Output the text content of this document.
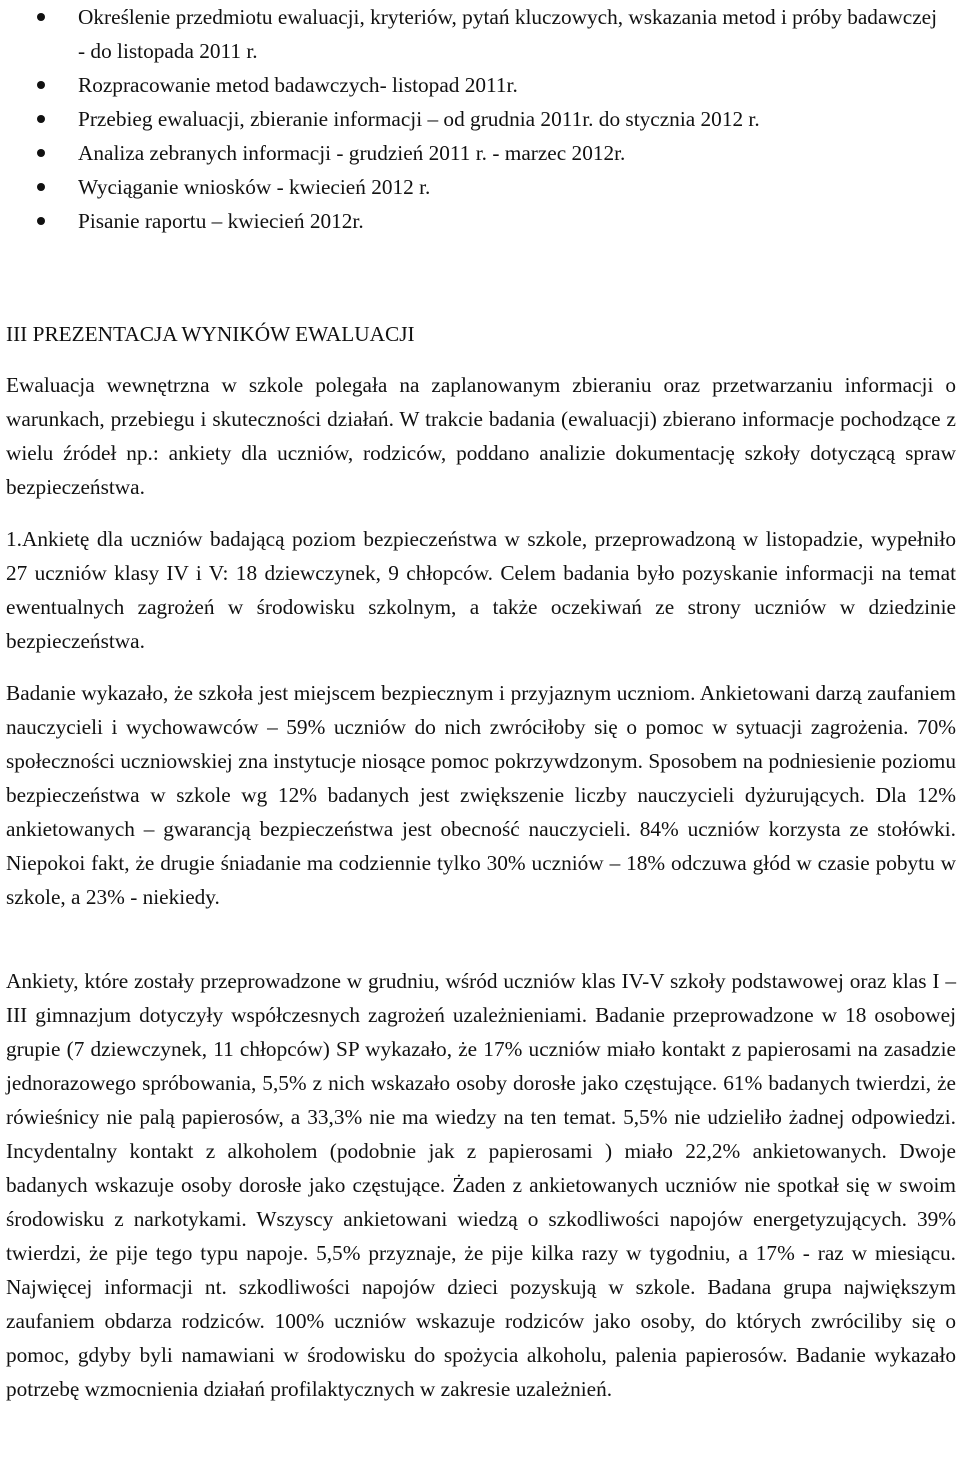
Określenie przedmiotu ewaluacji, kryteriów, pytań kluczowych, wskazania metod i próby badawczej - do listopada 2011 r.
Rozpracowanie metod badawczych- listopad 2011r.
Przebieg ewaluacji, zbieranie informacji – od grudnia 2011r. do stycznia 2012 r.
Analiza zebranych informacji - grudzień 2011 r. - marzec 2012r.
Wyciąganie wniosków - kwiecień 2012 r.
Pisanie raportu – kwiecień 2012r.
III PREZENTACJA WYNIKÓW EWALUACJI

Ewaluacja wewnętrzna w szkole polegała na zaplanowanym zbieraniu oraz przetwarzaniu informacji o warunkach, przebiegu i skuteczności działań. W trakcie badania (ewaluacji) zbierano informacje pochodzące z wielu źródeł np.: ankiety dla uczniów, rodziców, poddano analizie dokumentację szkoły dotyczącą spraw bezpieczeństwa.

1.Ankietę dla uczniów badającą poziom bezpieczeństwa w szkole, przeprowadzoną w listopadzie, wypełniło 27 uczniów klasy IV i V: 18 dziewczynek, 9 chłopców. Celem badania było pozyskanie informacji na temat ewentualnych zagrożeń w środowisku szkolnym, a także oczekiwań ze strony uczniów w dziedzinie bezpieczeństwa.

Badanie wykazało, że szkoła jest miejscem bezpiecznym i przyjaznym uczniom. Ankietowani darzą zaufaniem nauczycieli i wychowawców – 59% uczniów do nich zwróciłoby się o pomoc w sytuacji zagrożenia. 70% społeczności uczniowskiej zna instytucje niosące pomoc pokrzywdzonym. Sposobem na podniesienie poziomu bezpieczeństwa w szkole wg 12% badanych jest zwiększenie liczby nauczycieli dyżurujących. Dla 12% ankietowanych – gwarancją bezpieczeństwa jest obecność nauczycieli. 84% uczniów korzysta ze stołówki. Niepokoi fakt, że drugie śniadanie ma codziennie tylko 30% uczniów – 18% odczuwa głód w czasie pobytu w szkole, a 23% - niekiedy.

Ankiety, które zostały przeprowadzone w grudniu, wśród uczniów klas IV-V szkoły podstawowej oraz klas I – III gimnazjum dotyczyły współczesnych zagrożeń uzależnieniami. Badanie przeprowadzone w 18 osobowej grupie (7 dziewczynek, 11 chłopców) SP wykazało, że 17% uczniów miało kontakt z papierosami na zasadzie jednorazowego spróbowania, 5,5% z nich wskazało osoby dorosłe jako częstujące. 61% badanych twierdzi, że rówieśnicy nie palą papierosów, a 33,3% nie ma wiedzy na ten temat. 5,5% nie udzieliło żadnej odpowiedzi. Incydentalny kontakt z alkoholem (podobnie jak z papierosami ) miało 22,2% ankietowanych. Dwoje badanych wskazuje osoby dorosłe jako częstujące. Żaden z ankietowanych uczniów nie spotkał się w swoim środowisku z narkotykami. Wszyscy ankietowani wiedzą o szkodliwości napojów energetyzujących. 39% twierdzi, że pije tego typu napoje. 5,5% przyznaje, że pije kilka razy w tygodniu, a 17% - raz w miesiącu. Najwięcej informacji nt. szkodliwości napojów dzieci pozyskują w szkole. Badana grupa największym zaufaniem obdarza rodziców. 100% uczniów wskazuje rodziców jako osoby, do których zwróciliby się o pomoc, gdyby byli namawiani w środowisku do spożycia alkoholu, palenia papierosów. Badanie wykazało potrzebę wzmocnienia działań profilaktycznych w zakresie uzależnień.
